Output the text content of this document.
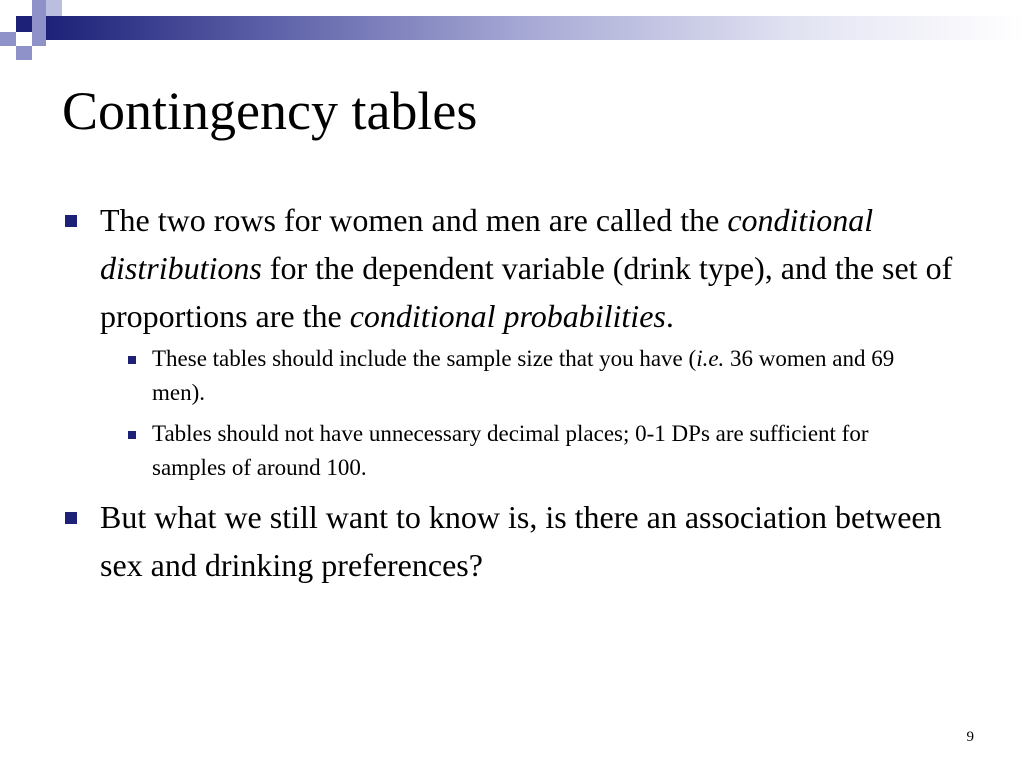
Contingency tables
The two rows for women and men are called the conditional distributions for the dependent variable (drink type), and the set of proportions are the conditional probabilities.
These tables should include the sample size that you have (i.e. 36 women and 69 men).
Tables should not have unnecessary decimal places; 0-1 DPs are sufficient for samples of around 100.
But what we still want to know is, is there an association between sex and drinking preferences?
9
